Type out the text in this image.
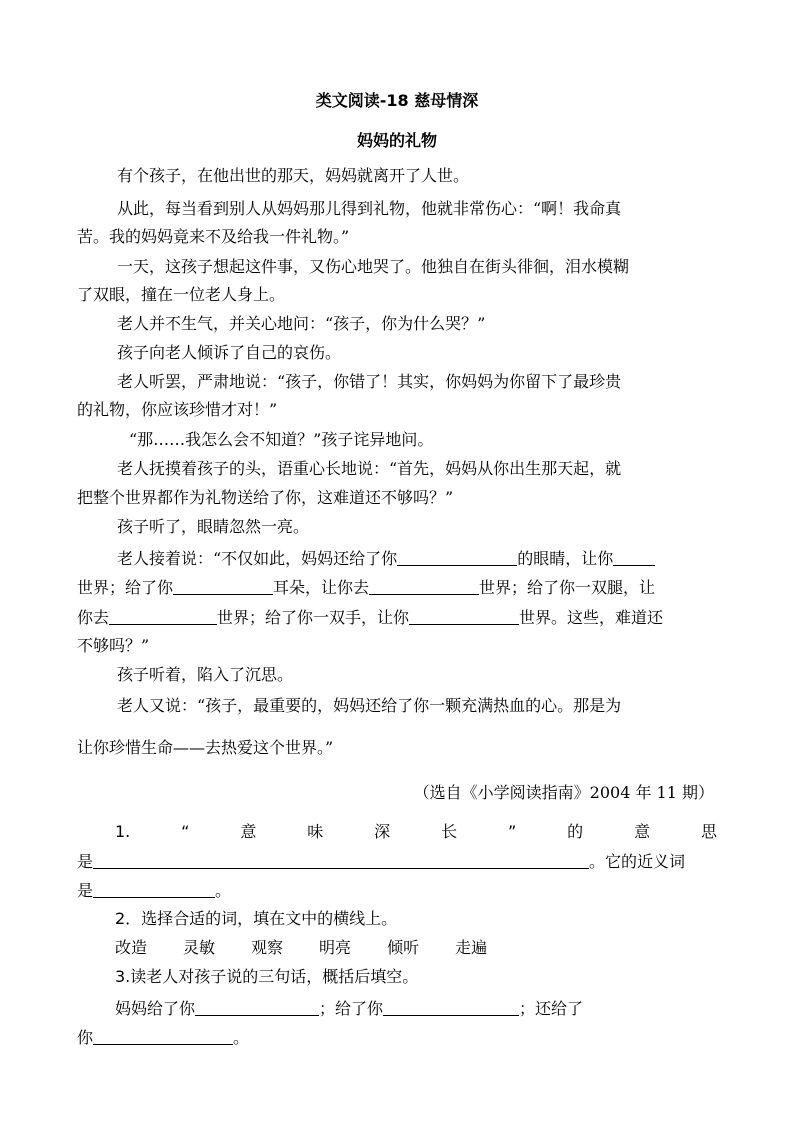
类文阅读-18 慈母情深
妈妈的礼物
有个孩子，在他出世的那天，妈妈就离开了人世。
从此，每当看到别人从妈妈那儿得到礼物，他就非常伤心：“啊！我命真
苦。我的妈妈竟来不及给我一件礼物。”
一天，这孩子想起这件事，又伤心地哭了。他独自在街头徘徊，泪水模糊
了双眼，撞在一位老人身上。
老人并不生气，并关心地问：“孩子，你为什么哭？”
孩子向老人倾诉了自己的哀伤。
老人听罢，严肃地说：“孩子，你错了！其实，你妈妈为你留下了最珍贵
的礼物，你应该珍惜才对！”
“那……我怎么会不知道？”孩子诧异地问。
老人抚摸着孩子的头，语重心长地说：“首先，妈妈从你出生那天起，就
把整个世界都作为礼物送给了你，这难道还不够吗？”
孩子听了，眼睛忽然一亮。
老人接着说：“不仅如此，妈妈还给了你	的眼睛，让你
世界；给了你	耳朵，让你去	世界；给了你一双腿，让
你去	世界；给了你一双手，让你	世界。这些，难道还
不够吗？”
孩子听着，陷入了沉思。
老人又说：“孩子，最重要的，妈妈还给了你一颗充满热血的心。那是为
让你珍惜生命——去热爱这个世界。”
（选自《小学阅读指南》2004 年 11 期）
1.	“	意	味	深	长	”	的	意	思
是	。它的近义词
是	。
2．选择合适的词，填在文中的横线上。
改造 灵敏 观察 明亮 倾听 走遍
3.读老人对孩子说的三句话，概括后填空。
妈妈给了你	；给了你	；还给了
你	。
